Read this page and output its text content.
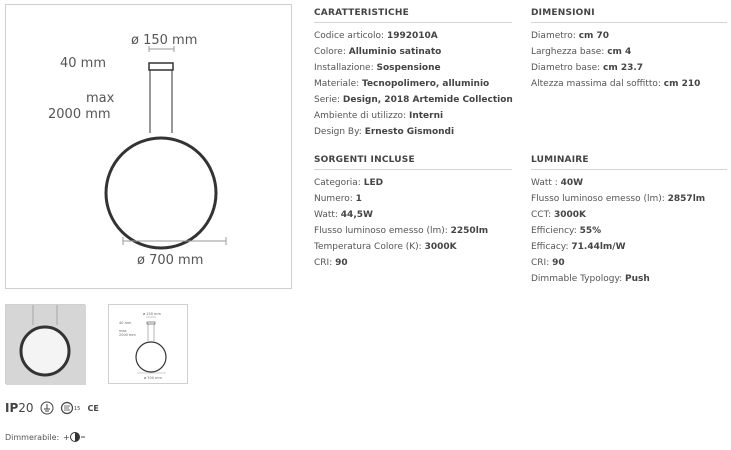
ø 150 mm
40 mm
max
2000 mm
ø 700 mm
CARATTERISTICHE
Codice articolo: 1992010A
Colore: Alluminio satinato
Installazione: Sospensione
Materiale: Tecnopolimero, alluminio
Serie: Design, 2018 Artemide Collection
Ambiente di utilizzo: Interni
Design By: Ernesto Gismondi
DIMENSIONI
Diametro: cm 70
Larghezza base: cm 4
Diametro base: cm 23.7
Altezza massima dal soffitto: cm 210
SORGENTI INCLUSE
Categoria: LED
Numero: 1
Watt: 44,5W
Flusso luminoso emesso (lm): 2250lm
Temperatura Colore (K): 3000K
CRI: 90
LUMINAIRE
Watt : 40W
Flusso luminoso emesso (lm): 2857lm
CCT: 3000K
Efficiency: 55%
Efficacy: 71.44lm/W
CRI: 90
Dimmable Typology: Push
ø 150 mm
40 mm
max
2000 mm
ø 700 mm
IP20	15 CE
Dimmerabile: +
